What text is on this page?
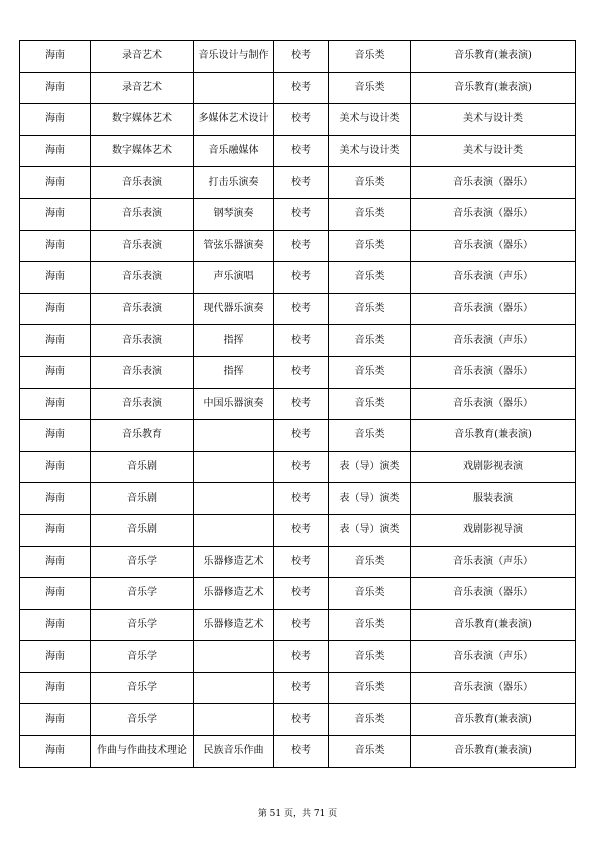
海南	录音艺术	音乐设计与制作	校考	音乐类	音乐教育(兼表演)
海南	录音艺术		校考	音乐类	音乐教育(兼表演)
海南	数字媒体艺术	多媒体艺术设计	校考	美术与设计类	美术与设计类
海南	数字媒体艺术	音乐融媒体	校考	美术与设计类	美术与设计类
海南	音乐表演	打击乐演奏	校考	音乐类	音乐表演（器乐）
海南	音乐表演	钢琴演奏	校考	音乐类	音乐表演（器乐）
海南	音乐表演	管弦乐器演奏	校考	音乐类	音乐表演（器乐）
海南	音乐表演	声乐演唱	校考	音乐类	音乐表演（声乐）
海南	音乐表演	现代器乐演奏	校考	音乐类	音乐表演（器乐）
海南	音乐表演	指挥	校考	音乐类	音乐表演（声乐）
海南	音乐表演	指挥	校考	音乐类	音乐表演（器乐）
海南	音乐表演	中国乐器演奏	校考	音乐类	音乐表演（器乐）
海南	音乐教育		校考	音乐类	音乐教育(兼表演)
海南	音乐剧		校考	表（导）演类	戏剧影视表演
海南	音乐剧		校考	表（导）演类	服装表演
海南	音乐剧		校考	表（导）演类	戏剧影视导演
海南	音乐学	乐器修造艺术	校考	音乐类	音乐表演（声乐）
海南	音乐学	乐器修造艺术	校考	音乐类	音乐表演（器乐）
海南	音乐学	乐器修造艺术	校考	音乐类	音乐教育(兼表演)
海南	音乐学		校考	音乐类	音乐表演（声乐）
海南	音乐学		校考	音乐类	音乐表演（器乐）
海南	音乐学		校考	音乐类	音乐教育(兼表演)
海南	作曲与作曲技术理论	民族音乐作曲	校考	音乐类	音乐教育(兼表演)
第 51 页，共 71 页
